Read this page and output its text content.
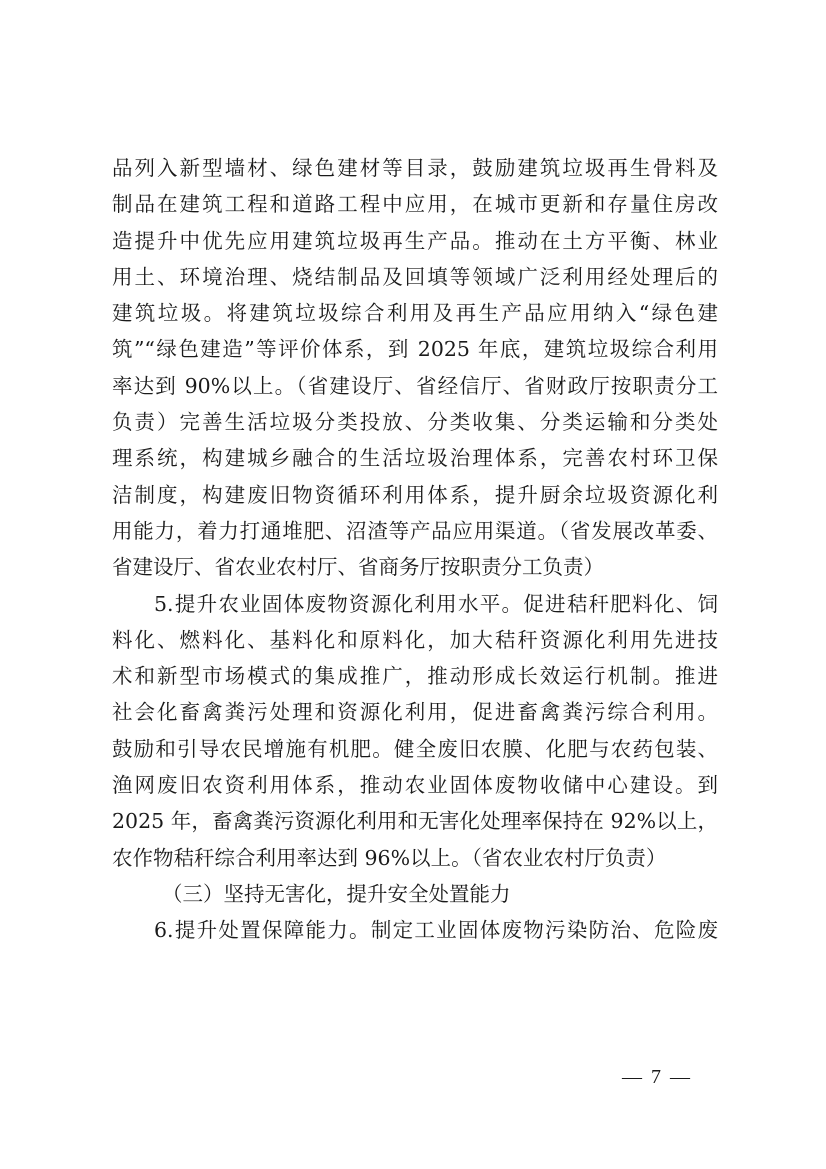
品列入新型墙材、绿色建材等目录，鼓励建筑垃圾再生骨料及
制品在建筑工程和道路工程中应用，在城市更新和存量住房改
造提升中优先应用建筑垃圾再生产品。推动在土方平衡、林业
用土、环境治理、烧结制品及回填等领域广泛利用经处理后的
建筑垃圾。将建筑垃圾综合利用及再生产品应用纳入“绿色建
筑”“绿色建造”等评价体系，到 2025 年底，建筑垃圾综合利用
率达到 90%以上。（省建设厅、省经信厅、省财政厅按职责分工
负责）完善生活垃圾分类投放、分类收集、分类运输和分类处
理系统，构建城乡融合的生活垃圾治理体系，完善农村环卫保
洁制度，构建废旧物资循环利用体系，提升厨余垃圾资源化利
用能力，着力打通堆肥、沼渣等产品应用渠道。（省发展改革委、
省建设厅、省农业农村厅、省商务厅按职责分工负责）
5.提升农业固体废物资源化利用水平。促进秸秆肥料化、饲
料化、燃料化、基料化和原料化，加大秸秆资源化利用先进技
术和新型市场模式的集成推广，推动形成长效运行机制。推进
社会化畜禽粪污处理和资源化利用，促进畜禽粪污综合利用。
鼓励和引导农民增施有机肥。健全废旧农膜、化肥与农药包装、
渔网废旧农资利用体系，推动农业固体废物收储中心建设。到
2025 年，畜禽粪污资源化利用和无害化处理率保持在 92%以上，
农作物秸秆综合利用率达到 96%以上。（省农业农村厅负责）
（三）坚持无害化，提升安全处置能力
6.提升处置保障能力。制定工业固体废物污染防治、危险废
— 7 —
